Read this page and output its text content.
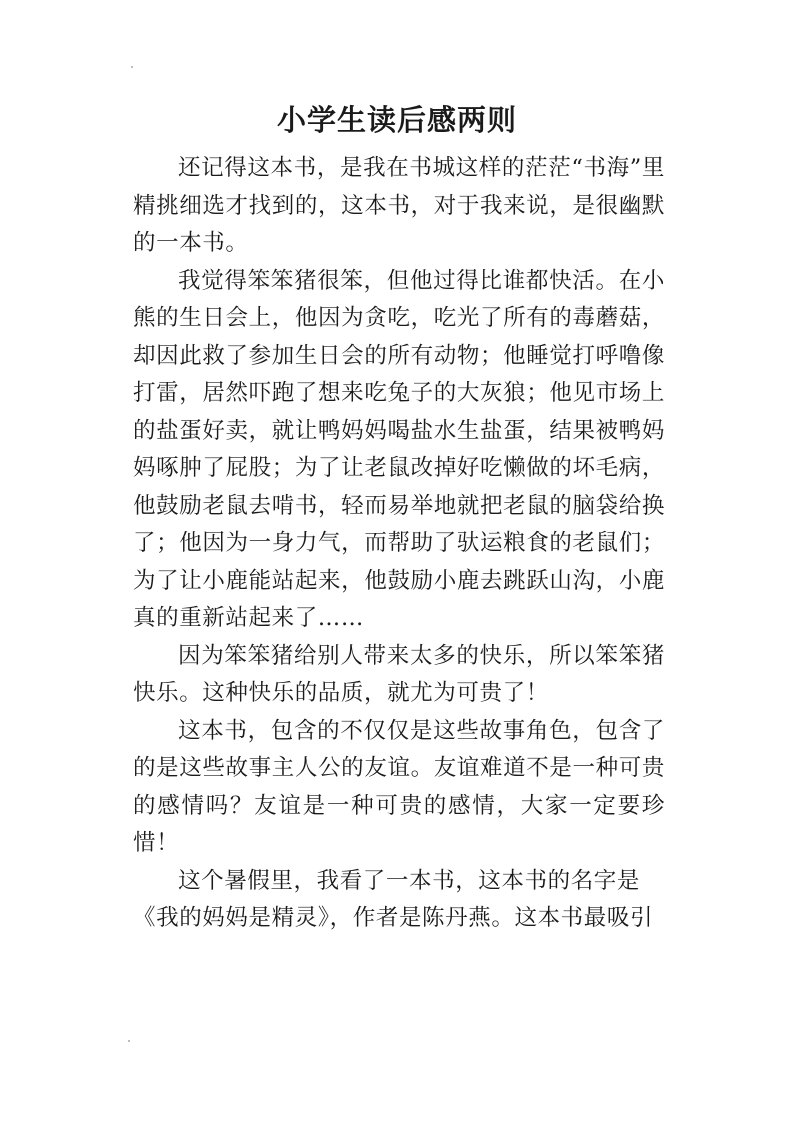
小学生读后感两则

还记得这本书，是我在书城这样的茫茫“书海”里精挑细选才找到的，这本书，对于我来说，是很幽默的一本书。

我觉得笨笨猪很笨，但他过得比谁都快活。在小熊的生日会上，他因为贪吃，吃光了所有的毒蘑菇，却因此救了参加生日会的所有动物；他睡觉打呼噜像打雷，居然吓跑了想来吃兔子的大灰狼；他见市场上的盐蛋好卖，就让鸭妈妈喝盐水生盐蛋，结果被鸭妈妈啄肿了屁股；为了让老鼠改掉好吃懒做的坏毛病，他鼓励老鼠去啃书，轻而易举地就把老鼠的脑袋给换了；他因为一身力气，而帮助了驮运粮食的老鼠们；为了让小鹿能站起来，他鼓励小鹿去跳跃山沟，小鹿真的重新站起来了……

因为笨笨猪给别人带来太多的快乐，所以笨笨猪快乐。这种快乐的品质，就尤为可贵了！

这本书，包含的不仅仅是这些故事角色，包含了的是这些故事主人公的友谊。友谊难道不是一种可贵的感情吗？友谊是一种可贵的感情，大家一定要珍惜！

这个暑假里，我看了一本书，这本书的名字是《我的妈妈是精灵》，作者是陈丹燕。这本书最吸引
